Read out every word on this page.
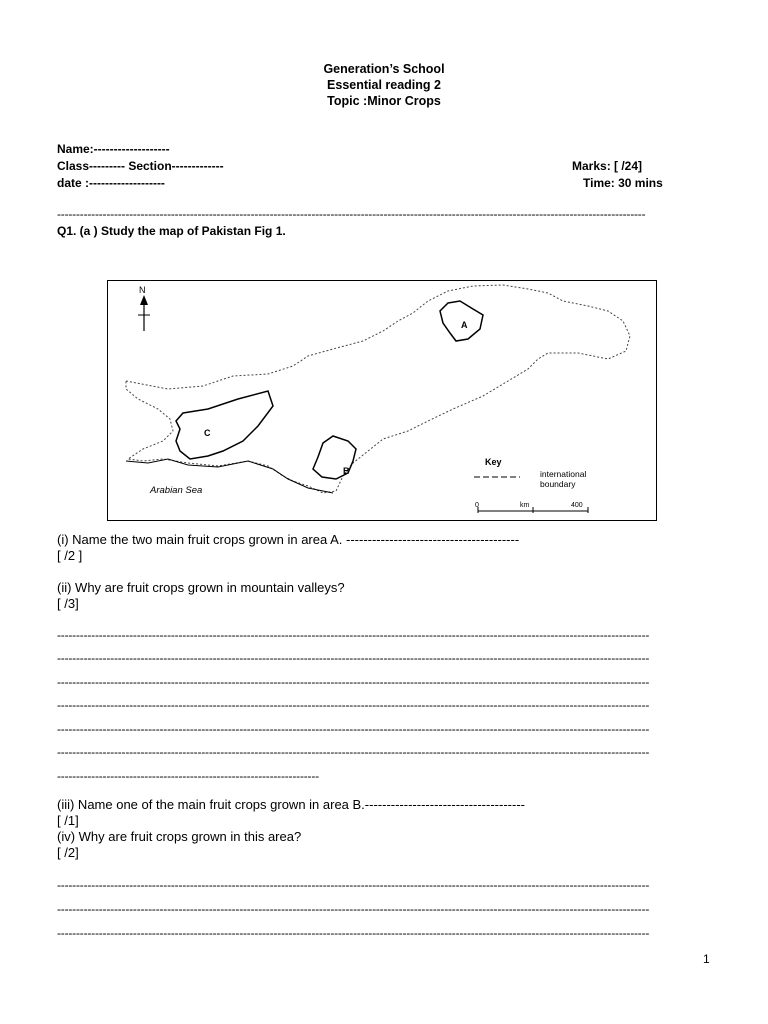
Generation’s School
Essential reading 2
Topic :Minor Crops
Name:-------------------
Class--------- Section-------------
date :-------------------
Marks: [ /24]
Time: 30 mins
-----------------------------------------------------------------------------------------------------------------------------------------------------------
Q1. (a ) Study the map of Pakistan Fig 1.
N
A
C
B
Arabian Sea
Key
international
boundary
0	km	400
(i) Name the two main fruit crops grown in area A. ----------------------------------------
[ /2 ]
(ii) Why are fruit crops grown in mountain valleys?
[ /3]
------------------------------------------------------------------------------------------------------------------------------------------------------------
------------------------------------------------------------------------------------------------------------------------------------------------------------
------------------------------------------------------------------------------------------------------------------------------------------------------------
------------------------------------------------------------------------------------------------------------------------------------------------------------
------------------------------------------------------------------------------------------------------------------------------------------------------------
------------------------------------------------------------------------------------------------------------------------------------------------------------
---------------------------------------------------------------------
(iii) Name one of the main fruit crops grown in area B.-------------------------------------
[ /1]
(iv) Why are fruit crops grown in this area?
[ /2]
------------------------------------------------------------------------------------------------------------------------------------------------------------
------------------------------------------------------------------------------------------------------------------------------------------------------------
------------------------------------------------------------------------------------------------------------------------------------------------------------
1
